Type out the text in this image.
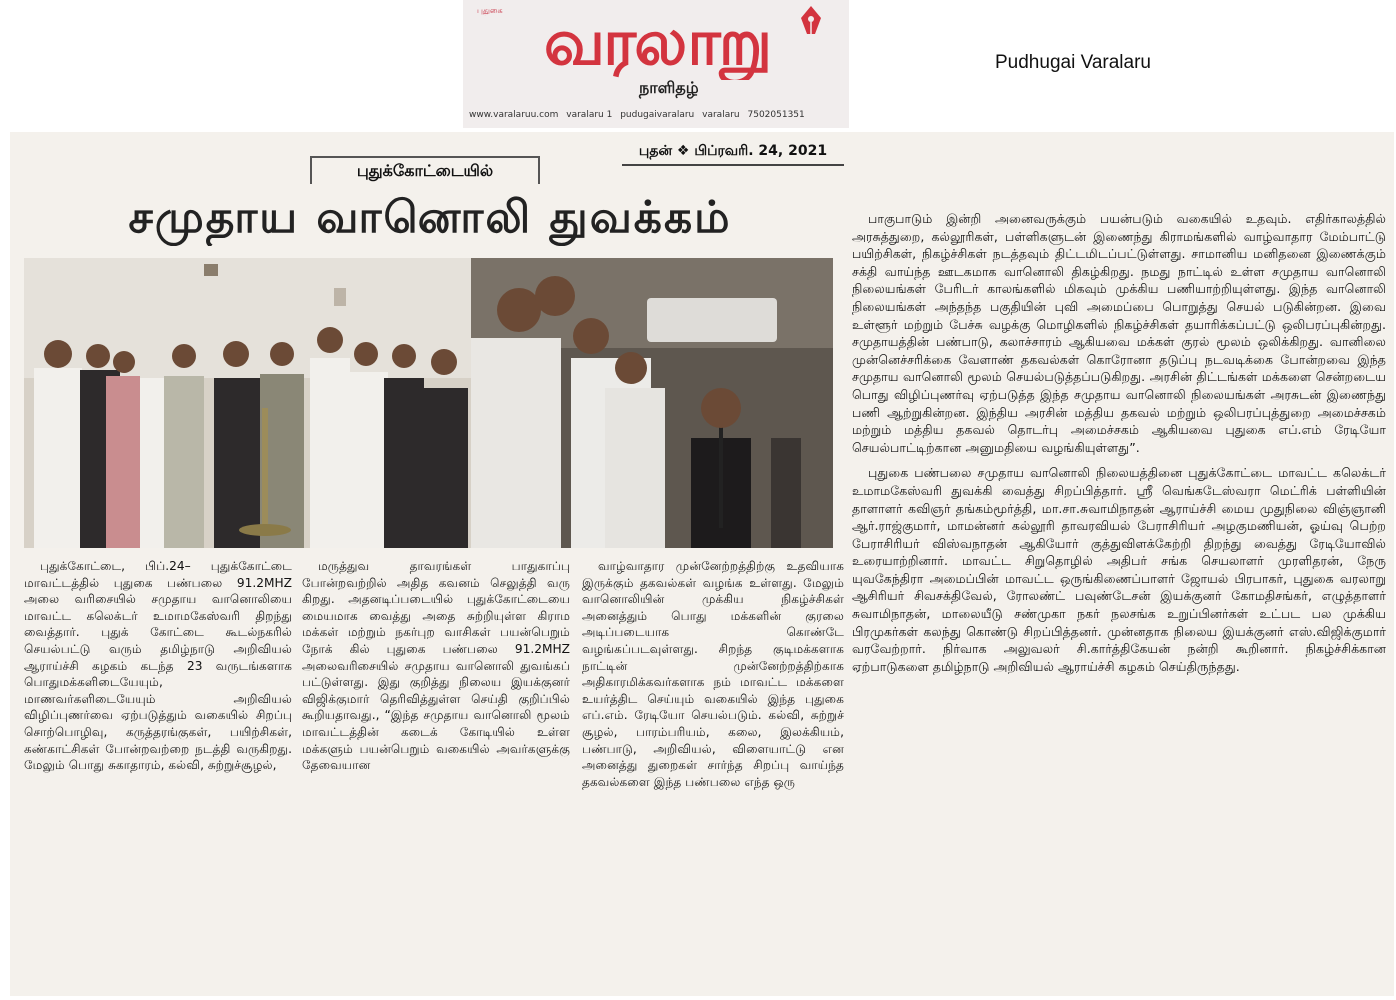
வரலாறு
புதுகை
நாளிதழ்
www.varalaruu.com varalaru 1 pudugaivaralaru varalaru 7502051351
Pudhugai Varalaru
புதுக்கோட்டையில்
புதன் ❖ பிப்ரவரி. 24, 2021
சமுதாய வானொலி துவக்கம்

புதுக்கோட்டை, பிப்.24– புதுக்கோட்டை மாவட்டத்தில் புதுகை பண்பலை 91.2MHZ அலை வரிசையில் சமுதாய வானொலியை மாவட்ட கலெக்டர் உமாமகேஸ்வரி திறந்து வைத்தார். புதுக் கோட்டை கூடல்நகரில் செயல்பட்டு வரும் தமிழ்நாடு அறிவியல் ஆராய்ச்சி கழகம் கடந்த 23 வருடங்களாக பொதுமக்களிடையேயும், மாணவர்களிடையேயும் அறிவியல் விழிப்புணர்வை ஏற்படுத்தும் வகையில் சிறப்பு சொற்பொழிவு, கருத்தரங்குகள், பயிற்சிகள், கண்காட்சிகள் போன்றவற்றை நடத்தி வருகிறது. மேலும் பொது சுகாதாரம், கல்வி, சுற்றுச்சூழல்,

மருத்துவ தாவரங்கள் பாதுகாப்பு போன்றவற்றில் அதித கவனம் செலுத்தி வரு கிறது. அதனடிப்படையில் புதுக்கோட்டையை மையமாக வைத்து அதை சுற்றியுள்ள கிராம மக்கள் மற்றும் நகர்புற வாசிகள் பயன்பெறும் நோக் கில் புதுகை பண்பலை 91.2MHZ அலைவரிசையில் சமுதாய வானொலி துவங்கப் பட்டுள்ளது. இது குறித்து நிலைய இயக்குனர் விஜிக்குமார் தெரிவித்துள்ள செய்தி குறிப்பில் கூறியதாவது., “இந்த சமுதாய வானொலி மூலம் மாவட்டத்தின் கடைக் கோடியில் உள்ள மக்களும் பயன்பெறும் வகையில் அவர்களுக்கு தேவையான

வாழ்வாதார முன்னேற்றத்திற்கு உதவியாக இருக்கும் தகவல்கள் வழங்க உள்ளது. மேலும் வானொலியின் முக்கிய நிகழ்ச்சிகள் அனைத்தும் பொது மக்களின் குரலை அடிப்படையாக கொண்டே வழங்கப்படவுள்ளது. சிறந்த குடிமக்களாக நாட்டின் முன்னேற்றத்திற்காக அதிகாரமிக்கவர்களாக நம் மாவட்ட மக்களை உயர்த்திட செய்யும் வகையில் இந்த புதுகை எப்.எம். ரேடியோ செயல்படும். கல்வி, சுற்றுச் சூழல், பாரம்பரியம், கலை, இலக்கியம், பண்பாடு, அறிவியல், விளையாட்டு என அனைத்து துறைகள் சார்ந்த சிறப்பு வாய்ந்த தகவல்களை இந்த பண்பலை எந்த ஒரு

பாகுபாடும் இன்றி அனைவருக்கும் பயன்படும் வகையில் உதவும். எதிர்காலத்தில் அரசுத்துறை, கல்லூரிகள், பள்ளிகளுடன் இணைந்து கிராமங்களில் வாழ்வாதார மேம்பாட்டு பயிற்சிகள், நிகழ்ச்சிகள் நடத்தவும் திட்டமிடப்பட்டுள்ளது. சாமானிய மனிதனை இணைக்கும் சக்தி வாய்ந்த ஊடகமாக வானொலி திகழ்கிறது. நமது நாட்டில் உள்ள சமுதாய வானொலி நிலையங்கள் பேரிடர் காலங்களில் மிகவும் முக்கிய பணியாற்றியுள்ளது. இந்த வானொலி நிலையங்கள் அந்தந்த பகுதியின் புவி அமைப்பை பொறுத்து செயல் படுகின்றன. இவை உள்ளூர் மற்றும் பேச்சு வழக்கு மொழிகளில் நிகழ்ச்சிகள் தயாரிக்கப்பட்டு ஒலிபரப்புகின்றது. சமுதாயத்தின் பண்பாடு, கலாச்சாரம் ஆகியவை மக்கள் குரல் மூலம் ஒலிக்கிறது. வானிலை முன்னெச்சரிக்கை வேளாண் தகவல்கள் கொரோனா தடுப்பு நடவடிக்கை போன்றவை இந்த சமுதாய வானொலி மூலம் செயல்படுத்தப்படுகிறது. அரசின் திட்டங்கள் மக்களை சென்றடைய பொது விழிப்புணர்வு ஏற்படுத்த இந்த சமுதாய வானொலி நிலையங்கள் அரசுடன் இணைந்து பணி ஆற்றுகின்றன. இந்திய அரசின் மத்திய தகவல் மற்றும் ஒலிபரப்புத்துறை அமைச்சகம் மற்றும் மத்திய தகவல் தொடர்பு அமைச்சகம் ஆகியவை புதுகை எப்.எம் ரேடியோ செயல்பாட்டிற்கான அனுமதியை வழங்கியுள்ளது”.

புதுகை பண்பலை சமுதாய வானொலி நிலையத்தினை புதுக்கோட்டை மாவட்ட கலெக்டர் உமாமகேஸ்வரி துவக்கி வைத்து சிறப்பித்தார். ஸ்ரீ வெங்கடேஸ்வரா மெட்ரிக் பள்ளியின் தாளாளர் கவிஞர் தங்கம்மூர்த்தி, மா.சா.சுவாமிநாதன் ஆராய்ச்சி மைய முதுநிலை விஞ்ஞானி ஆர்.ராஜ்குமார், மாமன்னர் கல்லூரி தாவரவியல் பேராசிரியர் அழகுமணியன், ஓய்வு பெற்ற பேராசிரியர் விஸ்வநாதன் ஆகியோர் குத்துவிளக்கேற்றி திறந்து வைத்து ரேடியோவில் உரையாற்றினார். மாவட்ட சிறுதொழில் அதிபர் சங்க செயலாளர் முரளிதரன், நேரு யுவகேந்திரா அமைப்பின் மாவட்ட ஒருங்கிணைப்பாளர் ஜோயல் பிரபாகர், புதுகை வரலாறு ஆசிரியர் சிவசக்திவேல், ரோலண்ட் பவுண்டேசன் இயக்குனர் கோமதிசங்கர், எழுத்தாளர் சுவாமிநாதன், மாலையீடு சண்முகா நகர் நலசங்க உறுப்பினர்கள் உட்பட பல முக்கிய பிரமுகர்கள் கலந்து கொண்டு சிறப்பித்தனர். முன்னதாக நிலைய இயக்குனர் எஸ்.விஜிக்குமார் வரவேற்றார். நிர்வாக அலுவலர் சி.கார்த்திகேயன் நன்றி கூறினார். நிகழ்ச்சிக்கான ஏற்பாடுகளை தமிழ்நாடு அறிவியல் ஆராய்ச்சி கழகம் செய்திருந்தது.
